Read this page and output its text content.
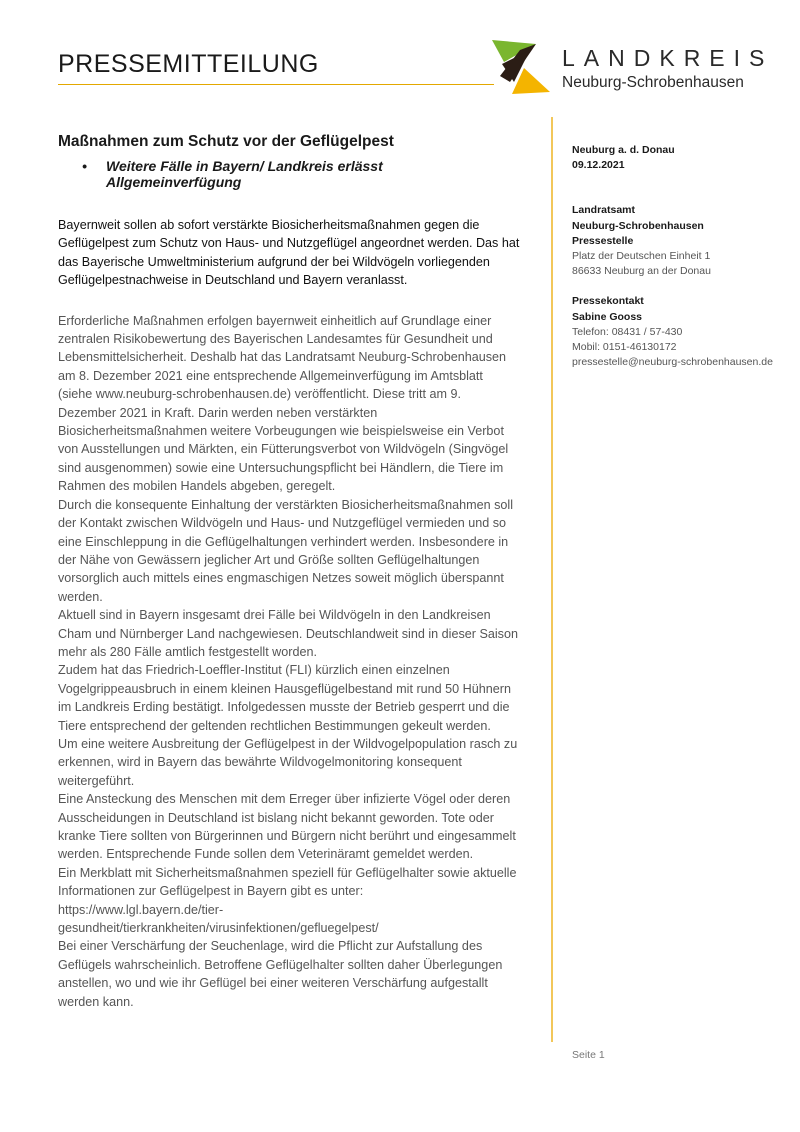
PRESSEMITTEILUNG	LANDKREIS
Neuburg-Schrobenhausen
Maßnahmen zum Schutz vor der Geflügelpest
• Weitere Fälle in Bayern/ Landkreis erlässt Allgemeinverfügung

Bayernweit sollen ab sofort verstärkte Biosicherheitsmaßnahmen gegen die Geflügelpest zum Schutz von Haus- und Nutzgeflügel angeordnet werden. Das hat das Bayerische Umweltministerium aufgrund der bei Wildvögeln vorliegenden Geflügelpestnachweise in Deutschland und Bayern veranlasst.

Erforderliche Maßnahmen erfolgen bayernweit einheitlich auf Grundlage einer zentralen Risikobewertung des Bayerischen Landesamtes für Gesundheit und Lebensmittelsicherheit. Deshalb hat das Landratsamt Neuburg-Schrobenhausen am 8. Dezember 2021 eine entsprechende Allgemeinverfügung im Amtsblatt (siehe www.neuburg-schrobenhausen.de) veröffentlicht. Diese tritt am 9. Dezember 2021 in Kraft. Darin werden neben verstärkten Biosicherheitsmaßnahmen weitere Vorbeugungen wie beispielsweise ein Verbot von Ausstellungen und Märkten, ein Fütterungsverbot von Wildvögeln (Singvögel sind ausgenommen) sowie eine Untersuchungspflicht bei Händlern, die Tiere im Rahmen des mobilen Handels abgeben, geregelt.

Durch die konsequente Einhaltung der verstärkten Biosicherheitsmaßnahmen soll der Kontakt zwischen Wildvögeln und Haus- und Nutzgeflügel vermieden und so eine Einschleppung in die Geflügelhaltungen verhindert werden. Insbesondere in der Nähe von Gewässern jeglicher Art und Größe sollten Geflügelhaltungen vorsorglich auch mittels eines engmaschigen Netzes soweit möglich überspannt werden.

Aktuell sind in Bayern insgesamt drei Fälle bei Wildvögeln in den Landkreisen Cham und Nürnberger Land nachgewiesen. Deutschlandweit sind in dieser Saison mehr als 280 Fälle amtlich festgestellt worden.

Zudem hat das Friedrich-Loeffler-Institut (FLI) kürzlich einen einzelnen Vogelgrippeausbruch in einem kleinen Hausgeflügelbestand mit rund 50 Hühnern im Landkreis Erding bestätigt. Infolgedessen musste der Betrieb gesperrt und die Tiere entsprechend der geltenden rechtlichen Bestimmungen gekeult werden.

Um eine weitere Ausbreitung der Geflügelpest in der Wildvogelpopulation rasch zu erkennen, wird in Bayern das bewährte Wildvogelmonitoring konsequent weitergeführt.

Eine Ansteckung des Menschen mit dem Erreger über infizierte Vögel oder deren Ausscheidungen in Deutschland ist bislang nicht bekannt geworden. Tote oder kranke Tiere sollten von Bürgerinnen und Bürgern nicht berührt und eingesammelt werden. Entsprechende Funde sollen dem Veterinäramt gemeldet werden.

Ein Merkblatt mit Sicherheitsmaßnahmen speziell für Geflügelhalter sowie aktuelle Informationen zur Geflügelpest in Bayern gibt es unter: https://www.lgl.bayern.de/tier-gesundheit/tierkrankheiten/virusinfektionen/gefluegelpest/

Bei einer Verschärfung der Seuchenlage, wird die Pflicht zur Aufstallung des Geflügels wahrscheinlich. Betroffene Geflügelhalter sollten daher Überlegungen anstellen, wo und wie ihr Geflügel bei einer weiteren Verschärfung aufgestallt werden kann.

Neuburg a. d. Donau
09.12.2021
Landratsamt
Neuburg-Schrobenhausen
Pressestelle
Platz der Deutschen Einheit 1
86633 Neuburg an der Donau
Pressekontakt
Sabine Gooss
Telefon: 08431 / 57-430
Mobil: 0151-46130172
pressestelle@neuburg-schrobenhausen.de
Seite 1
